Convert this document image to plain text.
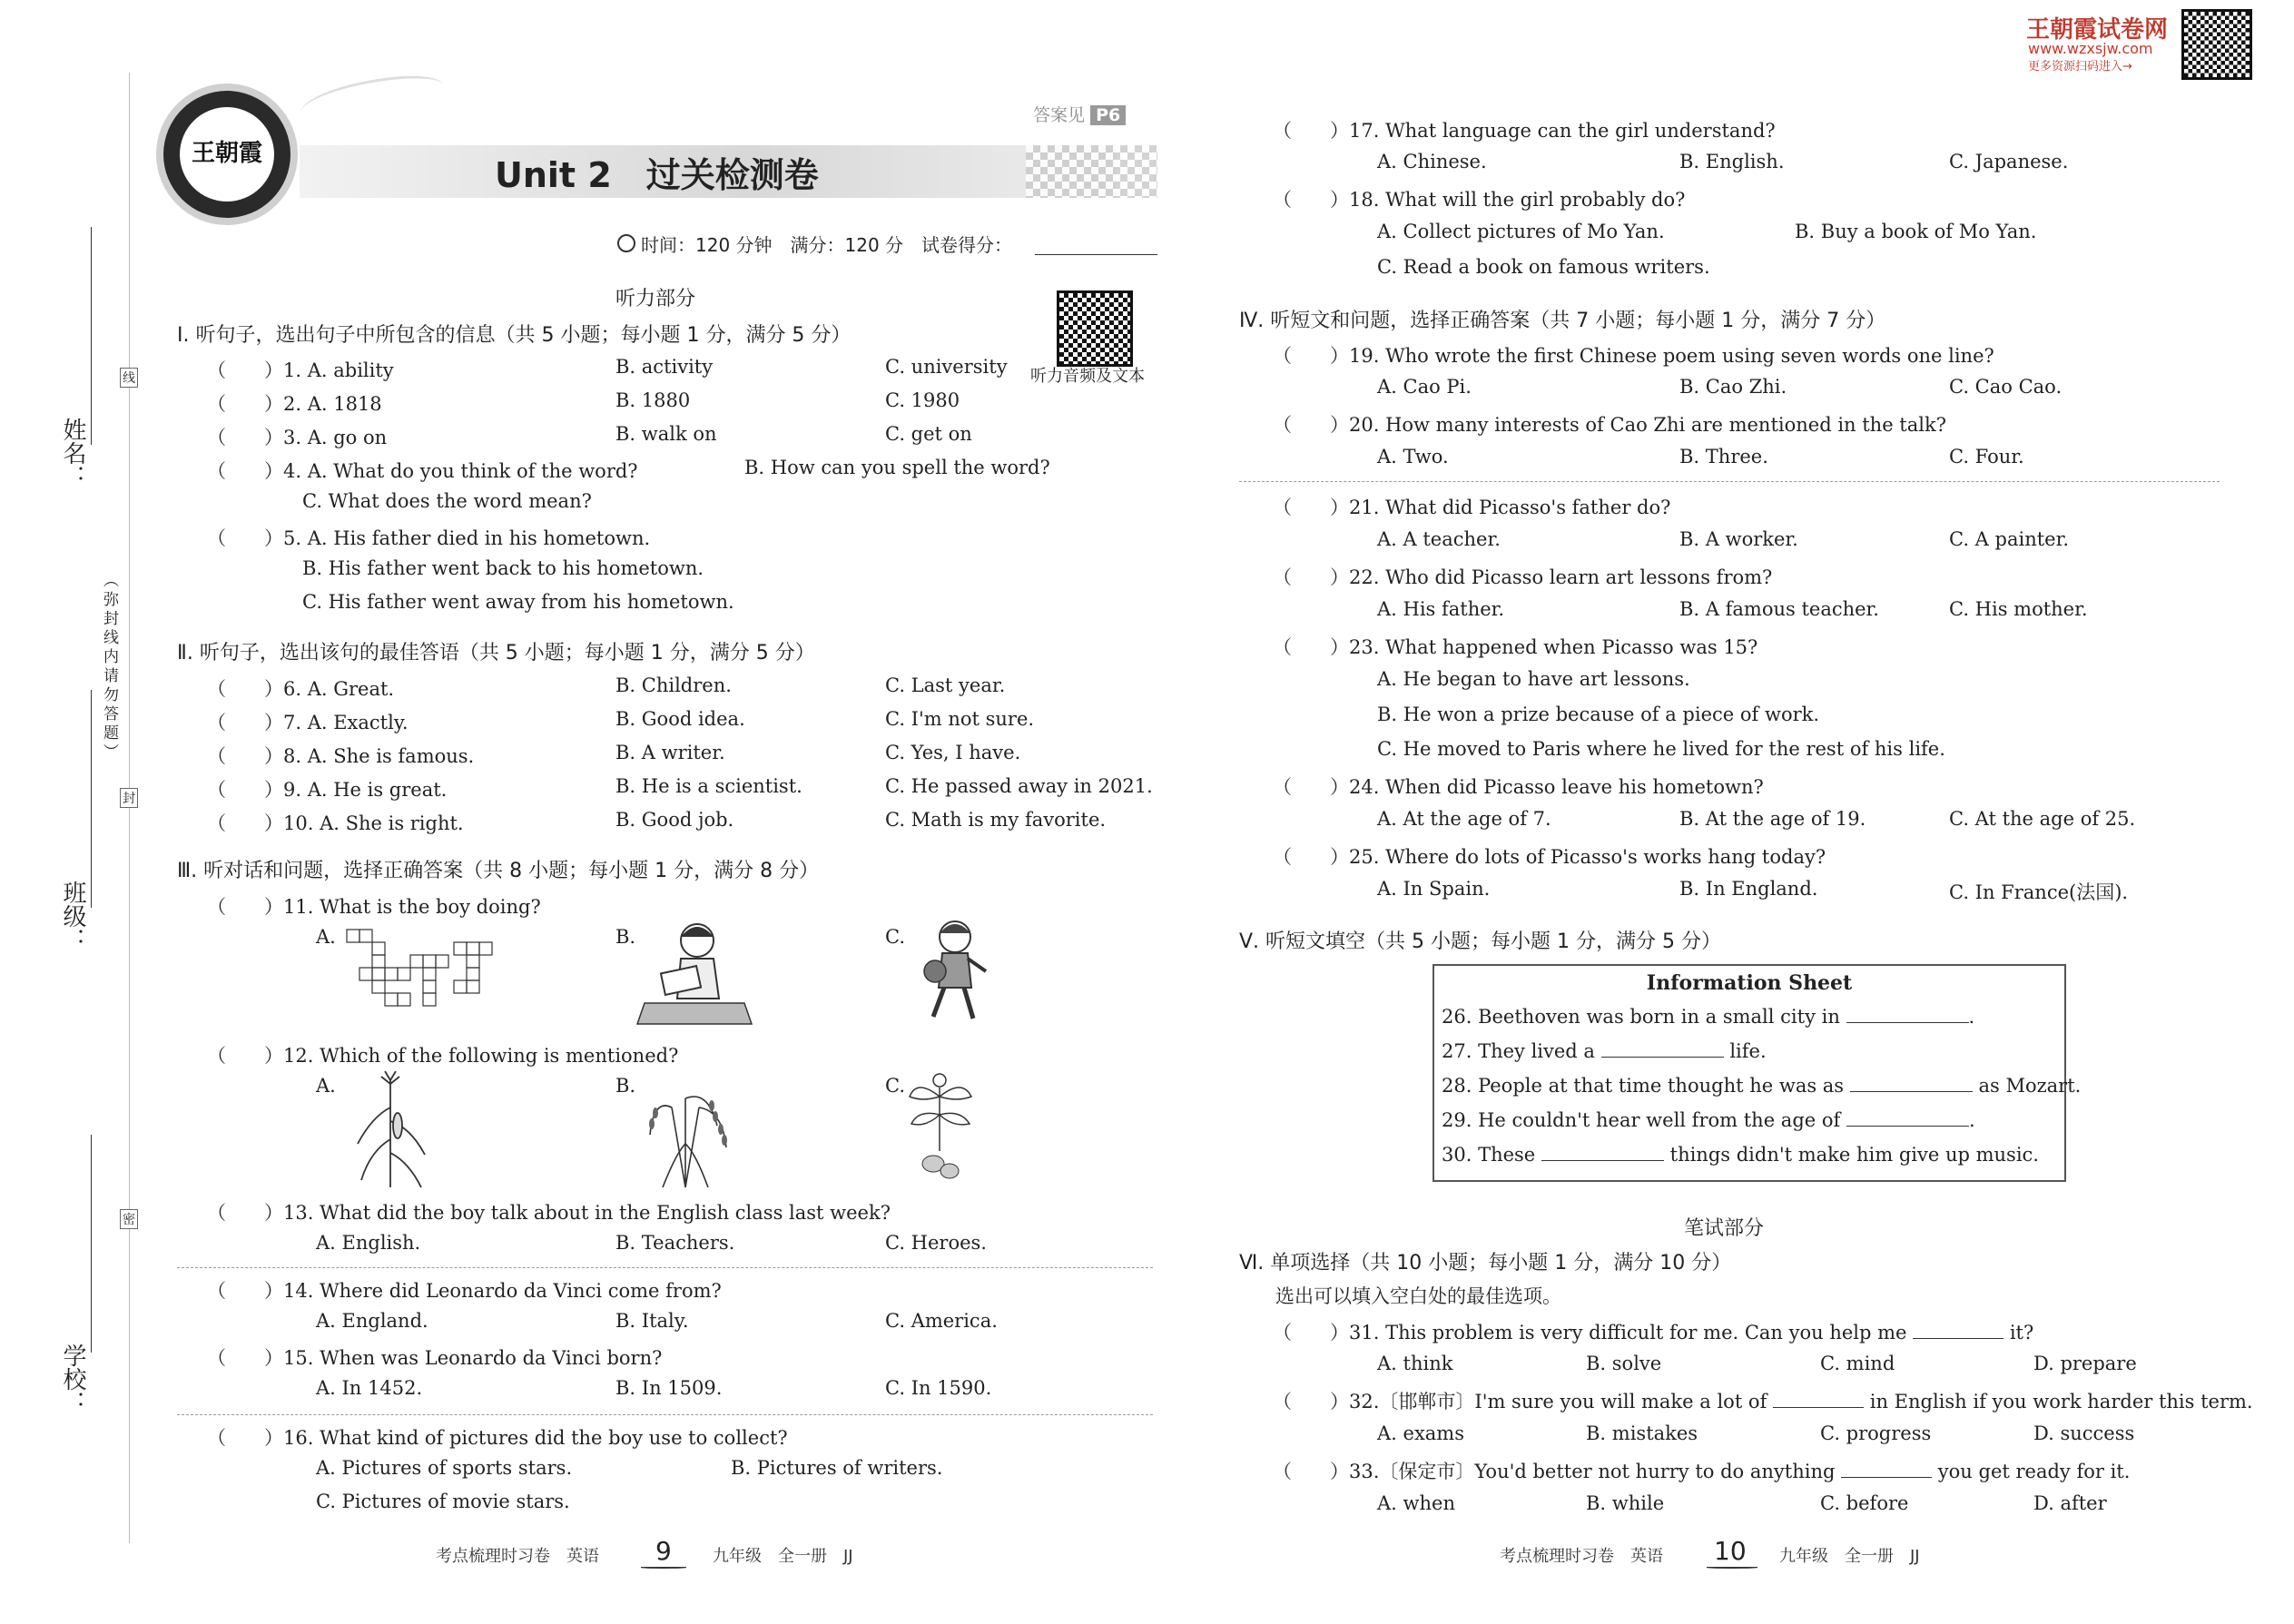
姓名：
班级：
学校：
（弥封线内请勿答题）
线
封
密
王朝霞
Unit 2　过关检测卷
答案见 P6
时间：120 分钟　满分：120 分　试卷得分：
王朝霞试卷网
www.wzxsjw.com
更多资源扫码进入→
听力部分
听力音频及文本
Ⅰ. 听句子，选出句子中所包含的信息（共 5 小题；每小题 1 分，满分 5 分）
（　　）1. A. ability	B. activity	C. university
（　　）2. A. 1818	B. 1880	C. 1980
（　　）3. A. go on	B. walk on	C. get on
（　　）4. A. What do you think of the word?	B. How can you spell the word?
C. What does the word mean?
（　　）5. A. His father died in his hometown.
B. His father went back to his hometown.
C. His father went away from his hometown.
Ⅱ. 听句子，选出该句的最佳答语（共 5 小题；每小题 1 分，满分 5 分）
（　　）6. A. Great.	B. Children.	C. Last year.
（　　）7. A. Exactly.	B. Good idea.	C. I'm not sure.
（　　）8. A. She is famous.	B. A writer.	C. Yes, I have.
（　　）9. A. He is great.	B. He is a scientist.	C. He passed away in 2021.
（　　）10. A. She is right.	B. Good job.	C. Math is my favorite.
Ⅲ. 听对话和问题，选择正确答案（共 8 小题；每小题 1 分，满分 8 分）
（　　）11. What is the boy doing?
A.	B.	C.
（　　）12. Which of the following is mentioned?
A.	B.	C.
（　　）13. What did the boy talk about in the English class last week?
A. English.	B. Teachers.	C. Heroes.
（　　）14. Where did Leonardo da Vinci come from?
A. England.	B. Italy.	C. America.
（　　）15. When was Leonardo da Vinci born?
A. In 1452.	B. In 1509.	C. In 1590.
（　　）16. What kind of pictures did the boy use to collect?
A. Pictures of sports stars.	B. Pictures of writers.
C. Pictures of movie stars.
考点梳理时习卷　英语 9	九年级　全一册　JJ
（　　）17. What language can the girl understand?
A. Chinese.	B. English.	C. Japanese.
（　　）18. What will the girl probably do?
A. Collect pictures of Mo Yan.	B. Buy a book of Mo Yan.
C. Read a book on famous writers.
Ⅳ. 听短文和问题，选择正确答案（共 7 小题；每小题 1 分，满分 7 分）
（　　）19. Who wrote the first Chinese poem using seven words one line?
A. Cao Pi.	B. Cao Zhi.	C. Cao Cao.
（　　）20. How many interests of Cao Zhi are mentioned in the talk?
A. Two.	B. Three.	C. Four.
（　　）21. What did Picasso's father do?
A. A teacher.	B. A worker.	C. A painter.
（　　）22. Who did Picasso learn art lessons from?
A. His father.	B. A famous teacher.	C. His mother.
（　　）23. What happened when Picasso was 15?
A. He began to have art lessons.
B. He won a prize because of a piece of work.
C. He moved to Paris where he lived for the rest of his life.
（　　）24. When did Picasso leave his hometown?
A. At the age of 7.	B. At the age of 19.	C. At the age of 25.
（　　）25. Where do lots of Picasso's works hang today?
A. In Spain.	B. In England.	C. In France(法国).
Ⅴ. 听短文填空（共 5 小题；每小题 1 分，满分 5 分）
Information Sheet
26. Beethoven was born in a small city in	.
27. They lived a	life.
28. People at that time thought he was as	as Mozart.
29. He couldn't hear well from the age of	.
30. These	things didn't make him give up music.
笔试部分
Ⅵ. 单项选择（共 10 小题；每小题 1 分，满分 10 分）
选出可以填入空白处的最佳选项。
（　　）31. This problem is very difficult for me. Can you help me	it?
A. think	B. solve	C. mind	D. prepare
（　　）32.〔邯郸市〕I'm sure you will make a lot of	in English if you work harder this term.
A. exams	B. mistakes	C. progress	D. success
（　　）33.〔保定市〕You'd better not hurry to do anything	you get ready for it.
A. when	B. while	C. before	D. after
考点梳理时习卷　英语 10 九年级　全一册　JJ
